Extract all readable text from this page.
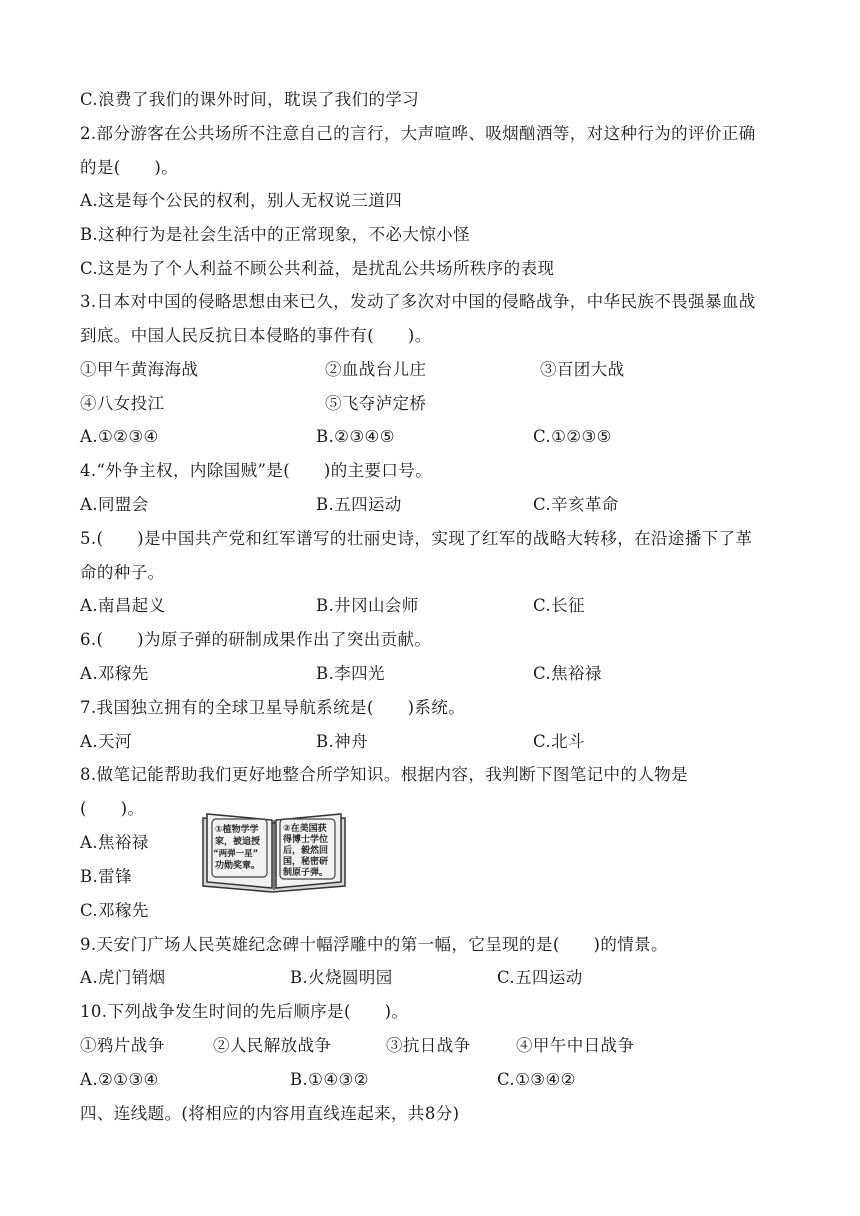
C.浪费了我们的课外时间，耽误了我们的学习
2.部分游客在公共场所不注意自己的言行，大声喧哗、吸烟酗酒等，对这种行为的评价正确
的是(　　)。
A.这是每个公民的权利，别人无权说三道四
B.这种行为是社会生活中的正常现象，不必大惊小怪
C.这是为了个人利益不顾公共利益，是扰乱公共场所秩序的表现
3.日本对中国的侵略思想由来已久，发动了多次对中国的侵略战争，中华民族不畏强暴血战
到底。中国人民反抗日本侵略的事件有(　　)。
①甲午黄海海战	②血战台儿庄	③百团大战
④八女投江	⑤飞夺泸定桥
A.①②③④	B.②③④⑤	C.①②③⑤
4.“外争主权，内除国贼”是(　　)的主要口号。
A.同盟会	B.五四运动	C.辛亥革命
5.(　　)是中国共产党和红军谱写的壮丽史诗，实现了红军的战略大转移，在沿途播下了革
命的种子。
A.南昌起义	B.井冈山会师	C.长征
6.(　　)为原子弹的研制成果作出了突出贡献。
A.邓稼先	B.李四光	C.焦裕禄
7.我国独立拥有的全球卫星导航系统是(　　)系统。
A.天河	B.神舟	C.北斗
8.做笔记能帮助我们更好地整合所学知识。根据内容，我判断下图笔记中的人物是
(　　)。
A.焦裕禄
B.雷锋
C.邓稼先
①植物学学
家，被追授
“两弹一星”
功勋奖章。
②在美国获
得博士学位
后，毅然回
国，秘密研
制原子弹。
9.天安门广场人民英雄纪念碑十幅浮雕中的第一幅，它呈现的是(　　)的情景。
A.虎门销烟	B.火烧圆明园	C.五四运动
10.下列战争发生时间的先后顺序是(　　)。
①鸦片战争	②人民解放战争	③抗日战争	④甲午中日战争
A.②①③④	B.①④③②	C.①③④②
四、连线题。(将相应的内容用直线连起来，共8分)
